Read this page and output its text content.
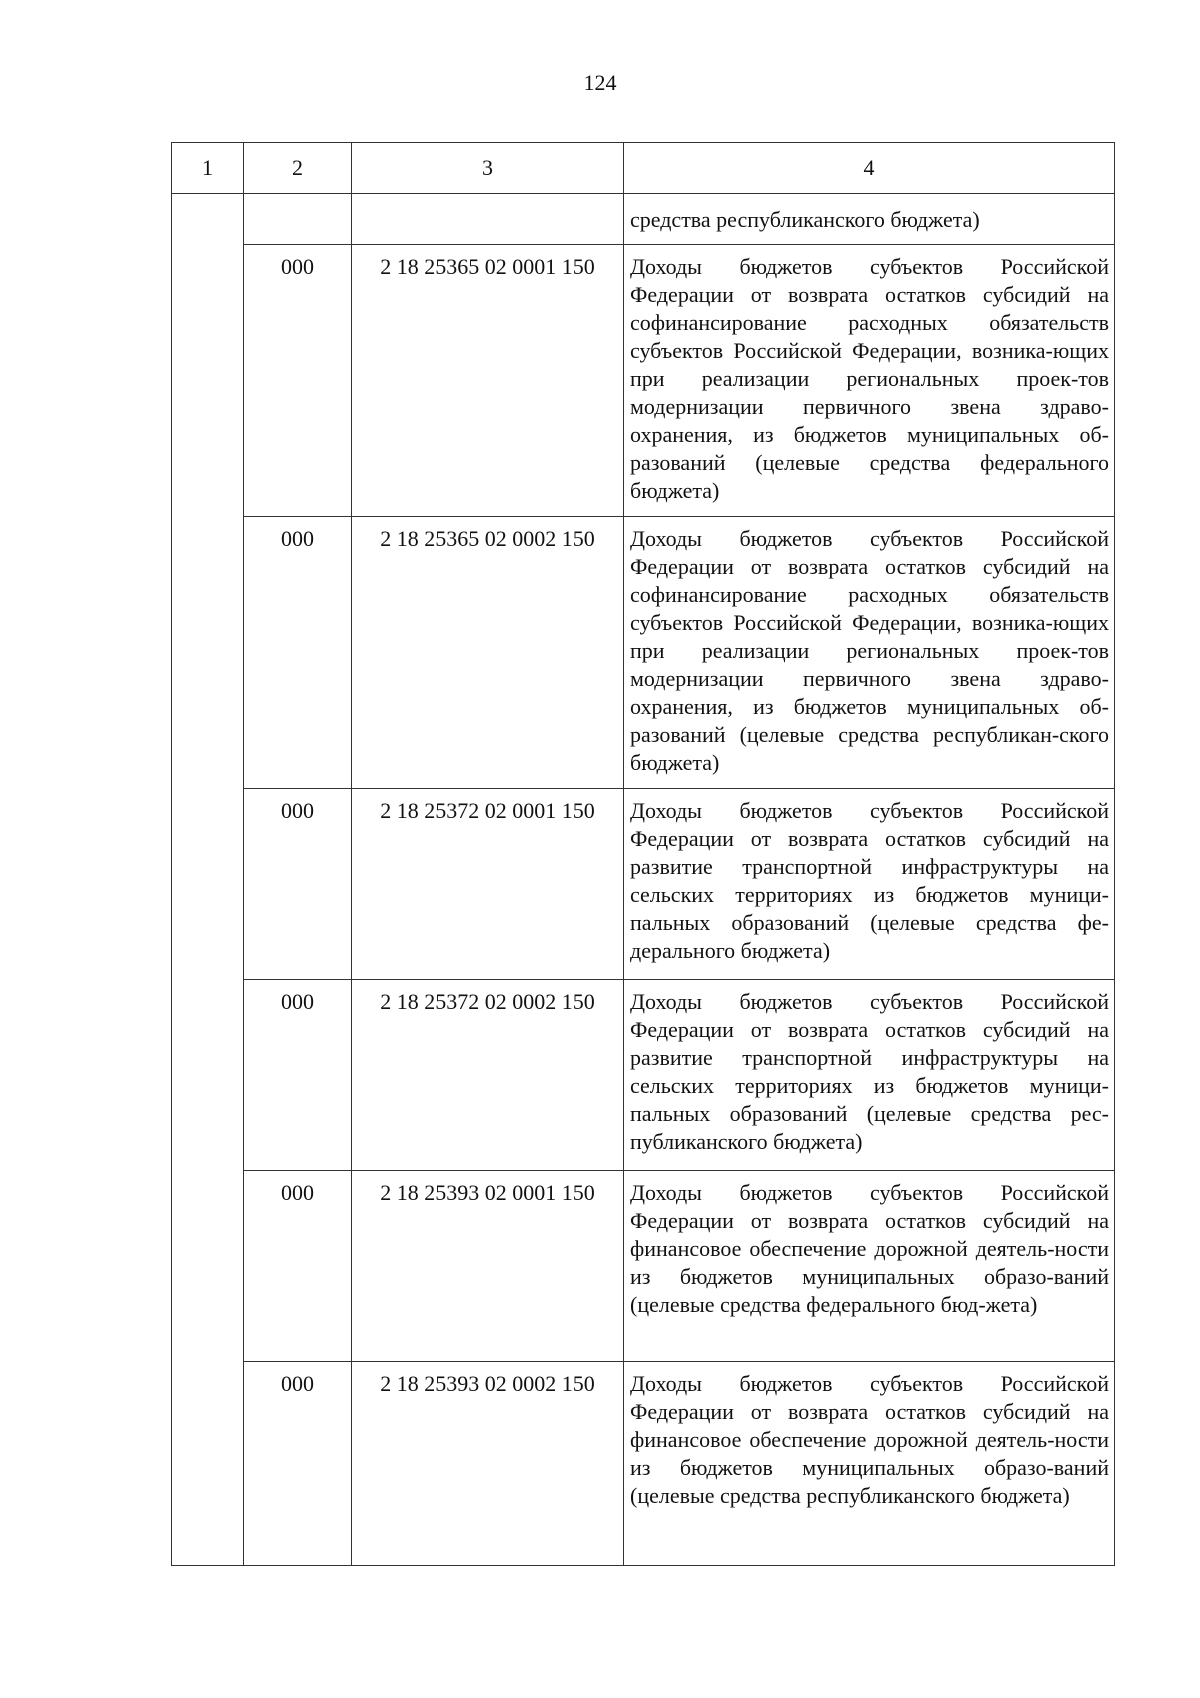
124
1	2	3	4
			средства республиканского бюджета)
	000	2 18 25365 02 0001 150	Доходы бюджетов субъектов Российской Федерации от возврата остатков субсидий на софинансирование расходных обязательств субъектов Российской Федерации, возника-ющих при реализации региональных проек-тов модернизации первичного звена здраво-охранения, из бюджетов муниципальных об-разований (целевые средства федерального бюджета)
	000	2 18 25365 02 0002 150	Доходы бюджетов субъектов Российской Федерации от возврата остатков субсидий на софинансирование расходных обязательств субъектов Российской Федерации, возника-ющих при реализации региональных проек-тов модернизации первичного звена здраво-охранения, из бюджетов муниципальных об-разований (целевые средства республикан-ского бюджета)
	000	2 18 25372 02 0001 150	Доходы бюджетов субъектов Российской Федерации от возврата остатков субсидий на развитие транспортной инфраструктуры на сельских территориях из бюджетов муници-пальных образований (целевые средства фе-дерального бюджета)
	000	2 18 25372 02 0002 150	Доходы бюджетов субъектов Российской Федерации от возврата остатков субсидий на развитие транспортной инфраструктуры на сельских территориях из бюджетов муници-пальных образований (целевые средства рес-публиканского бюджета)
	000	2 18 25393 02 0001 150	Доходы бюджетов субъектов Российской Федерации от возврата остатков субсидий на финансовое обеспечение дорожной деятель-ности из бюджетов муниципальных образо-ваний (целевые средства федерального бюд-жета)
	000	2 18 25393 02 0002 150	Доходы бюджетов субъектов Российской Федерации от возврата остатков субсидий на финансовое обеспечение дорожной деятель-ности из бюджетов муниципальных образо-ваний (целевые средства республиканского бюджета)
